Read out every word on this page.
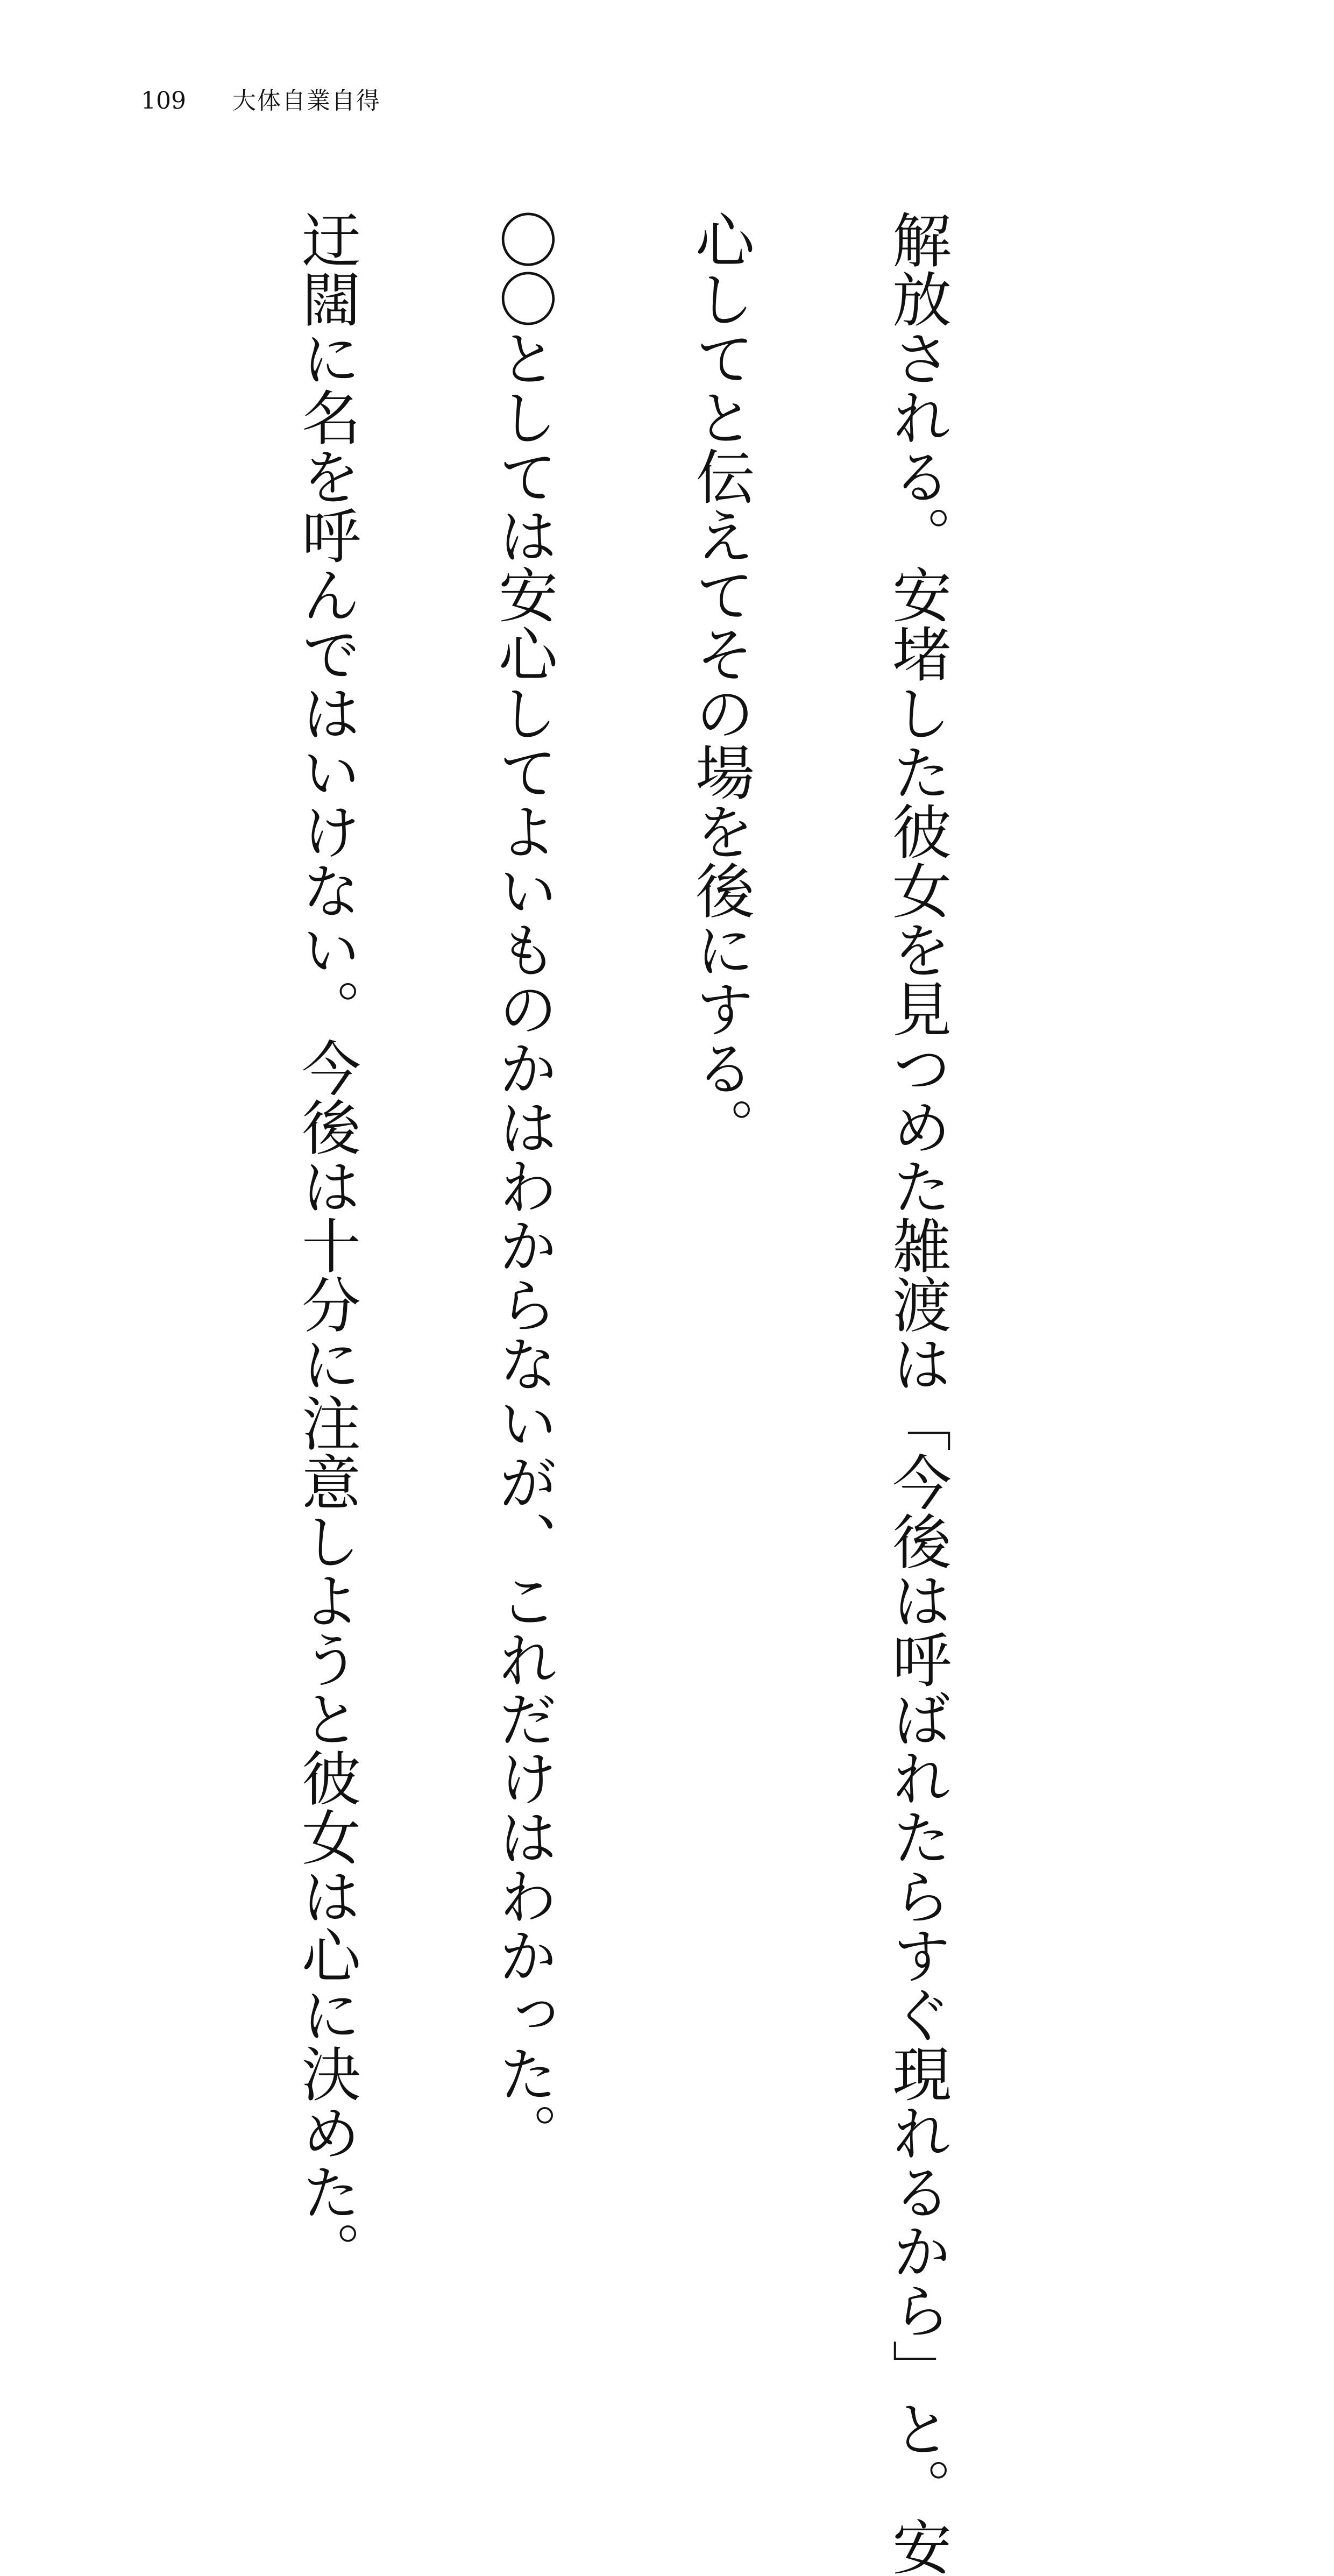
109	大体自業自得

解放される。安堵した彼女を見つめた雑渡は「今後は呼ばれたらすぐ現れるから」と。安

心してと伝えてその場を後にする。

〇〇としては安心してよいものかはわからないが、これだけはわかった。

迂闊に名を呼んではいけない。今後は十分に注意しようと彼女は心に決めた。
